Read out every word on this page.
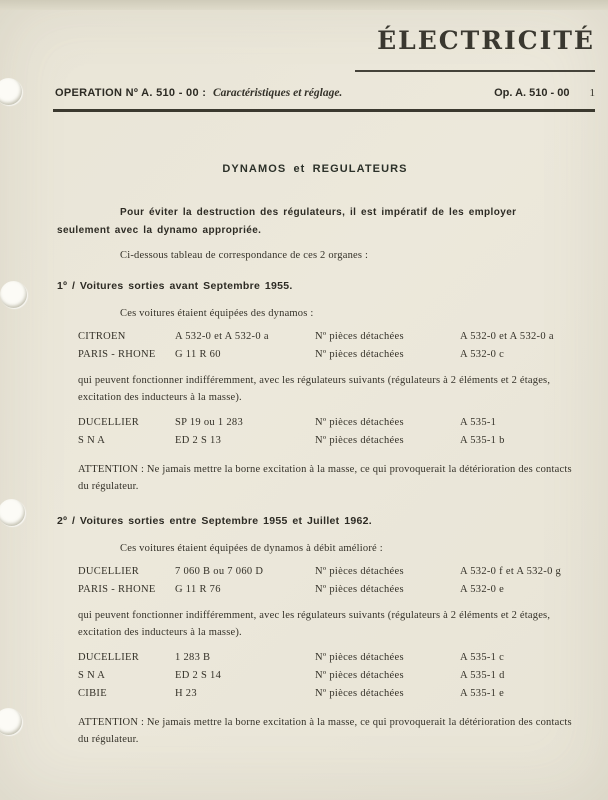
ÉLECTRICITÉ
OPERATION Nº A. 510 - 00 : Caractéristiques et réglage.	Op. A. 510 - 00 1
DYNAMOS et REGULATEURS

Pour éviter la destruction des régulateurs, il est impératif de les employer seulement avec la dynamo appropriée.

Ci-dessous tableau de correspondance de ces 2 organes :

1º / Voitures sorties avant Septembre 1955.

Ces voitures étaient équipées des dynamos :

CITROEN	A 532-0 et A 532-0 a	Nº pièces détachées	A 532-0 et A 532-0 a
PARIS - RHONE	G 11 R 60	Nº pièces détachées	A 532-0 c

qui peuvent fonctionner indifféremment, avec les régulateurs suivants (régulateurs à 2 éléments et 2 étages, excitation des inducteurs à la masse).

DUCELLIER	SP 19 ou 1 283	Nº pièces détachées	A 535-1
S N A	ED 2 S 13	Nº pièces détachées	A 535-1 b

ATTENTION : Ne jamais mettre la borne excitation à la masse, ce qui provoquerait la détérioration des contacts du régulateur.

2º / Voitures sorties entre Septembre 1955 et Juillet 1962.

Ces voitures étaient équipées de dynamos à débit amélioré :

DUCELLIER	7 060 B ou 7 060 D	Nº pièces détachées	A 532-0 f et A 532-0 g
PARIS - RHONE	G 11 R 76	Nº pièces détachées	A 532-0 e

qui peuvent fonctionner indifféremment, avec les régulateurs suivants (régulateurs à 2 éléments et 2 étages, excitation des inducteurs à la masse).

DUCELLIER	1 283 B	Nº pièces détachées	A 535-1 c
S N A	ED 2 S 14	Nº pièces détachées	A 535-1 d
CIBIE	H 23	Nº pièces détachées	A 535-1 e

ATTENTION : Ne jamais mettre la borne excitation à la masse, ce qui provoquerait la détérioration des contacts du régulateur.
